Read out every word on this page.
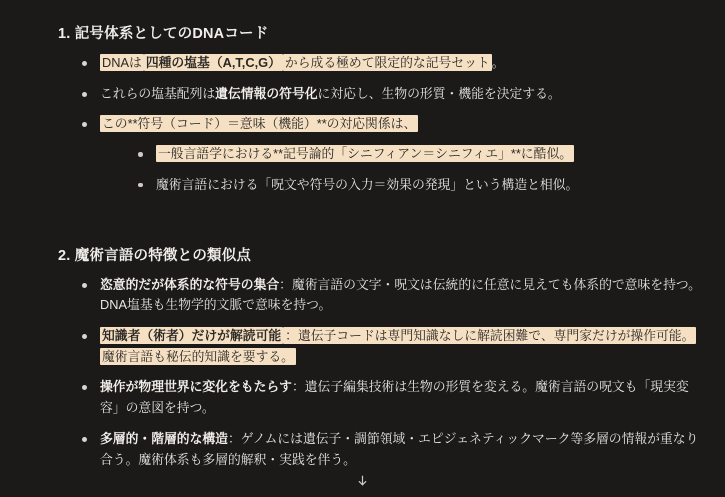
1. 記号体系としてのDNAコード
DNAは 四種の塩基（A,T,C,G） から成る極めて限定的な記号セット 。
これらの塩基配列は遺伝情報の符号化に対応し、生物の形質・機能を決定する。
この**符号（コード）＝意味（機能）**の対応関係は、
一般言語学における**記号論的「シニフィアン＝シニフィエ」**に酷似。
魔術言語における「呪文や符号の入力＝効果の発現」という構造と相似。
2. 魔術言語の特徴との類似点
恣意的だが体系的な符号の集合：魔術言語の文字・呪文は伝統的に任意に見えても体系的で意味を持つ。DNA塩基も生物学的文脈で意味を持つ。
知識者（術者）だけが解読可能 ：遺伝子コードは専門知識なしに解読困難で、専門家だけが操作可能。魔術言語も秘伝的知識を要する。
操作が物理世界に変化をもたらす：遺伝子編集技術は生物の形質を変える。魔術言語の呪文も「現実変容」の意図を持つ。
多層的・階層的な構造：ゲノムには遺伝子・調節領域・エピジェネティックマーク等多層の情報が重なり合う。魔術体系も多層的解釈・実践を伴う。
